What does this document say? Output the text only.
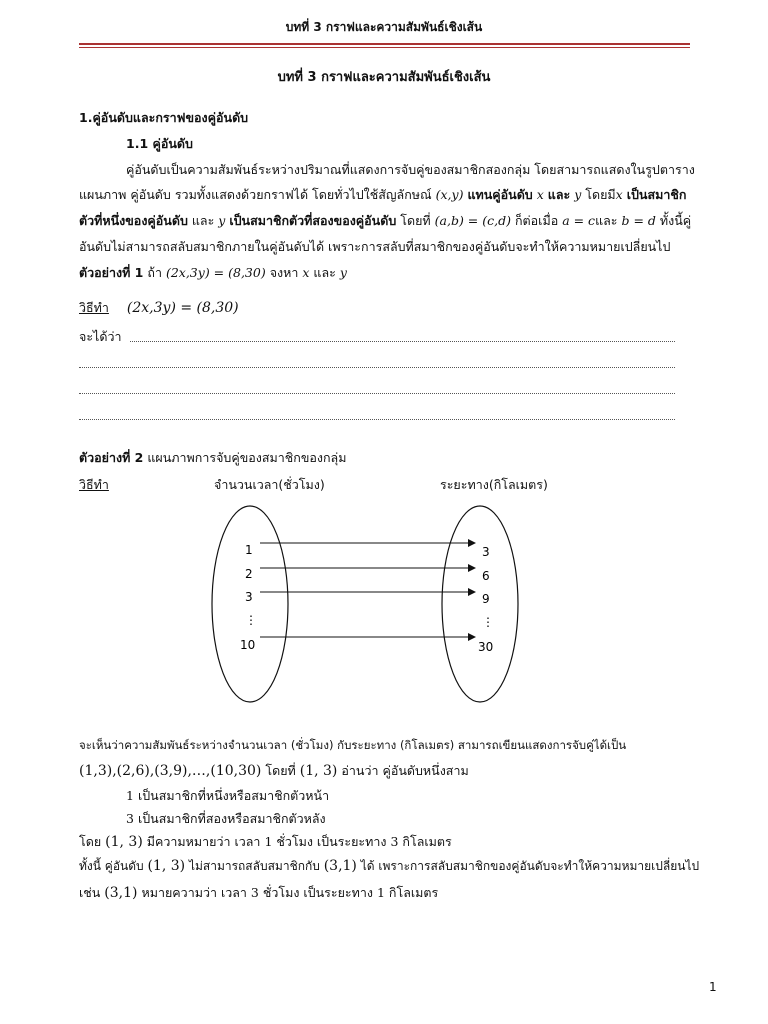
บทที่ 3 กราฟและความสัมพันธ์เชิงเส้น
บทที่ 3 กราฟและความสัมพันธ์เชิงเส้น
1.คู่อันดับและกราฟของคู่อันดับ
1.1 คู่อันดับ
คู่อันดับเป็นความสัมพันธ์ระหว่างปริมาณที่แสดงการจับคู่ของสมาชิกสองกลุ่ม โดยสามารถแสดงในรูปตาราง
แผนภาพ คู่อันดับ รวมทั้งแสดงด้วยกราฟได้ โดยทั่วไปใช้สัญลักษณ์ (x,y) แทนคู่อันดับ x และ y โดยมีx เป็นสมาชิก
ตัวที่หนึ่งของคู่อันดับ และ y เป็นสมาชิกตัวที่สองของคู่อันดับ โดยที่ (a,b) = (c,d) ก็ต่อเมื่อ a = cและ b = d ทั้งนี้คู่
อันดับไม่สามารถสลับสมาชิกภายในคู่อันดับได้ เพราะการสลับที่สมาชิกของคู่อันดับจะทำให้ความหมายเปลี่ยนไป
ตัวอย่างที่ 1 ถ้า (2x,3y) = (8,30) จงหา x และ y
วิธีทำ (2x,3y) = (8,30)
จะได้ว่า
ตัวอย่างที่ 2 แผนภาพการจับคู่ของสมาชิกของกลุ่ม
วิธีทำ	จำนวนเวลา(ชั่วโมง)	ระยะทาง(กิโลเมตร)
1
2
3
⋮
10
3
6
9
⋮
30
จะเห็นว่าความสัมพันธ์ระหว่างจำนวนเวลา (ชั่วโมง) กับระยะทาง (กิโลเมตร) สามารถเขียนแสดงการจับคู่ได้เป็น
(1,3),(2,6),(3,9),…,(10,30) โดยที่ (1, 3) อ่านว่า คู่อันดับหนึ่งสาม
1 เป็นสมาชิกที่หนึ่งหรือสมาชิกตัวหน้า
3 เป็นสมาชิกที่สองหรือสมาชิกตัวหลัง
โดย (1, 3) มีความหมายว่า เวลา 1 ชั่วโมง เป็นระยะทาง 3 กิโลเมตร
ทั้งนี้ คู่อันดับ (1, 3) ไม่สามารถสลับสมาชิกกับ (3,1) ได้ เพราะการสลับสมาชิกของคู่อันดับจะทำให้ความหมายเปลี่ยนไป
เช่น (3,1) หมายความว่า เวลา 3 ชั่วโมง เป็นระยะทาง 1 กิโลเมตร
1
